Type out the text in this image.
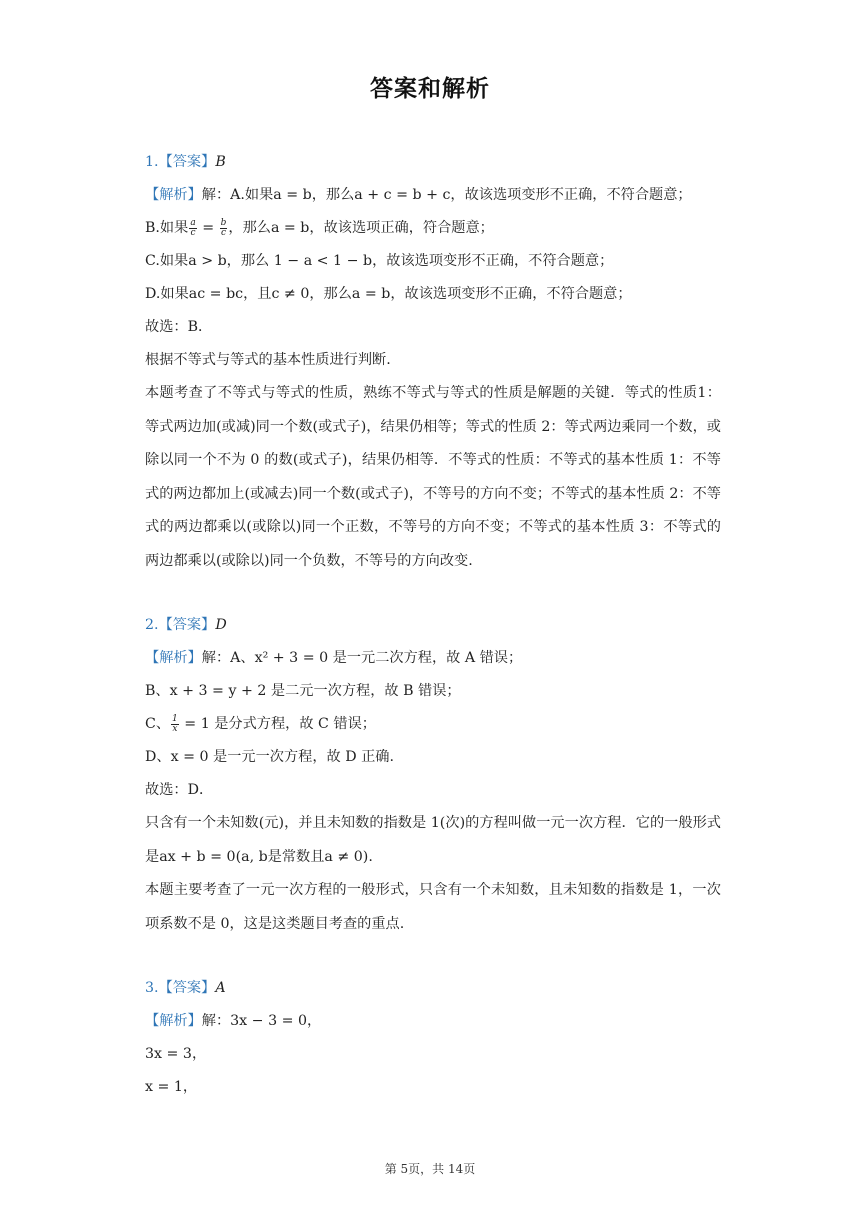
答案和解析

1.【答案】B

【解析】解：A.如果a = b，那么a + c = b + c，故该选项变形不正确，不符合题意；

B.如果 $\frac{a}{c} = \frac{b}{c}$ ，那么a = b，故该选项正确，符合题意；

C.如果a > b，那么 1 − a < 1 − b，故该选项变形不正确，不符合题意；

D.如果ac = bc，且c ≠ 0，那么a = b，故该选项变形不正确，不符合题意；

故选：B．

根据不等式与等式的基本性质进行判断.

本题考查了不等式与等式的性质，熟练不等式与等式的性质是解题的关键．等式的性质1：等式两边加(或减)同一个数(或式子)，结果仍相等；等式的性质 2：等式两边乘同一个数，或除以同一个不为 0 的数(或式子)，结果仍相等．不等式的性质：不等式的基本性质 1：不等式的两边都加上(或减去)同一个数(或式子)，不等号的方向不变；不等式的基本性质 2：不等式的两边都乘以(或除以)同一个正数，不等号的方向不变；不等式的基本性质 3：不等式的两边都乘以(或除以)同一个负数，不等号的方向改变.

2.【答案】D

【解析】解：A、x² + 3 = 0 是一元二次方程，故 A 错误；

B、x + 3 = y + 2 是二元一次方程，故 B 错误；

C、 $\frac{1}{x} = 1$ 是分式方程，故 C 错误；

D、x = 0 是一元一次方程，故 D 正确.

故选：D．

只含有一个未知数(元)，并且未知数的指数是 1(次)的方程叫做一元一次方程．它的一般形式是ax + b = 0(a, b是常数且a ≠ 0).

本题主要考查了一元一次方程的一般形式，只含有一个未知数，且未知数的指数是 1，一次项系数不是 0，这是这类题目考查的重点.

3.【答案】A

【解析】解：3x − 3 = 0，

3x = 3，

x = 1，

第 5页，共 14页
